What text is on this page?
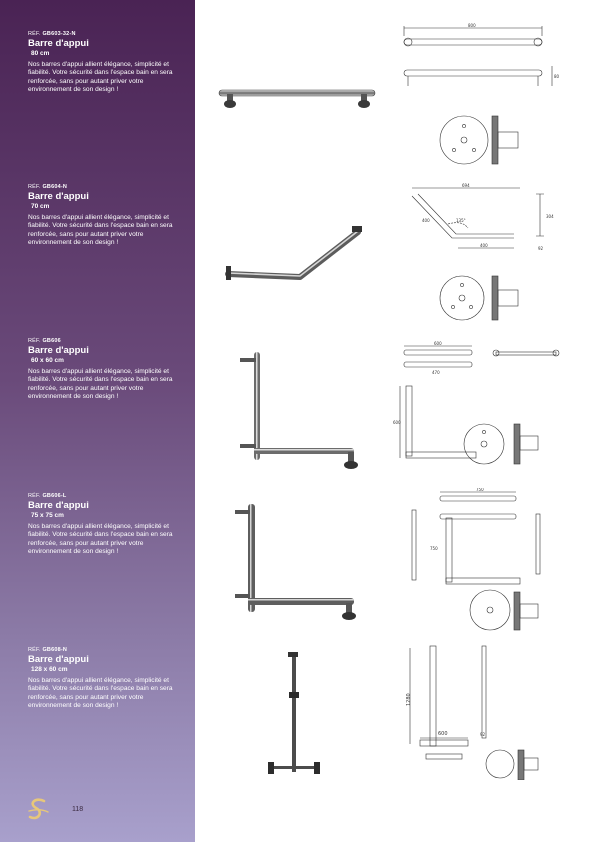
RÉF. GB603-32-N
Barre d'appui
80 cm
Nos barres d'appui allient élégance, simplicité et fiabilité. Votre sécurité dans l'espace bain en sera renforcée, sans pour autant priver votre environnement de son design !
RÉF. GB604-N
Barre d'appui
70 cm
Nos barres d'appui allient élégance, simplicité et fiabilité. Votre sécurité dans l'espace bain en sera renforcée, sans pour autant priver votre environnement de son design !
RÉF. GB606
Barre d'appui
60 x 60 cm
Nos barres d'appui allient élégance, simplicité et fiabilité. Votre sécurité dans l'espace bain en sera renforcée, sans pour autant priver votre environnement de son design !
RÉF. GB606-L
Barre d'appui
75 x 75 cm
Nos barres d'appui allient élégance, simplicité et fiabilité. Votre sécurité dans l'espace bain en sera renforcée, sans pour autant priver votre environnement de son design !
RÉF. GB608-N
Barre d'appui
128 x 60 cm
Nos barres d'appui allient élégance, simplicité et fiabilité. Votre sécurité dans l'espace bain en sera renforcée, sans pour autant priver votre environnement de son design !
118
800
80
694
400	135°
400
304
92
600
470
600
750
750
1280
600	92
